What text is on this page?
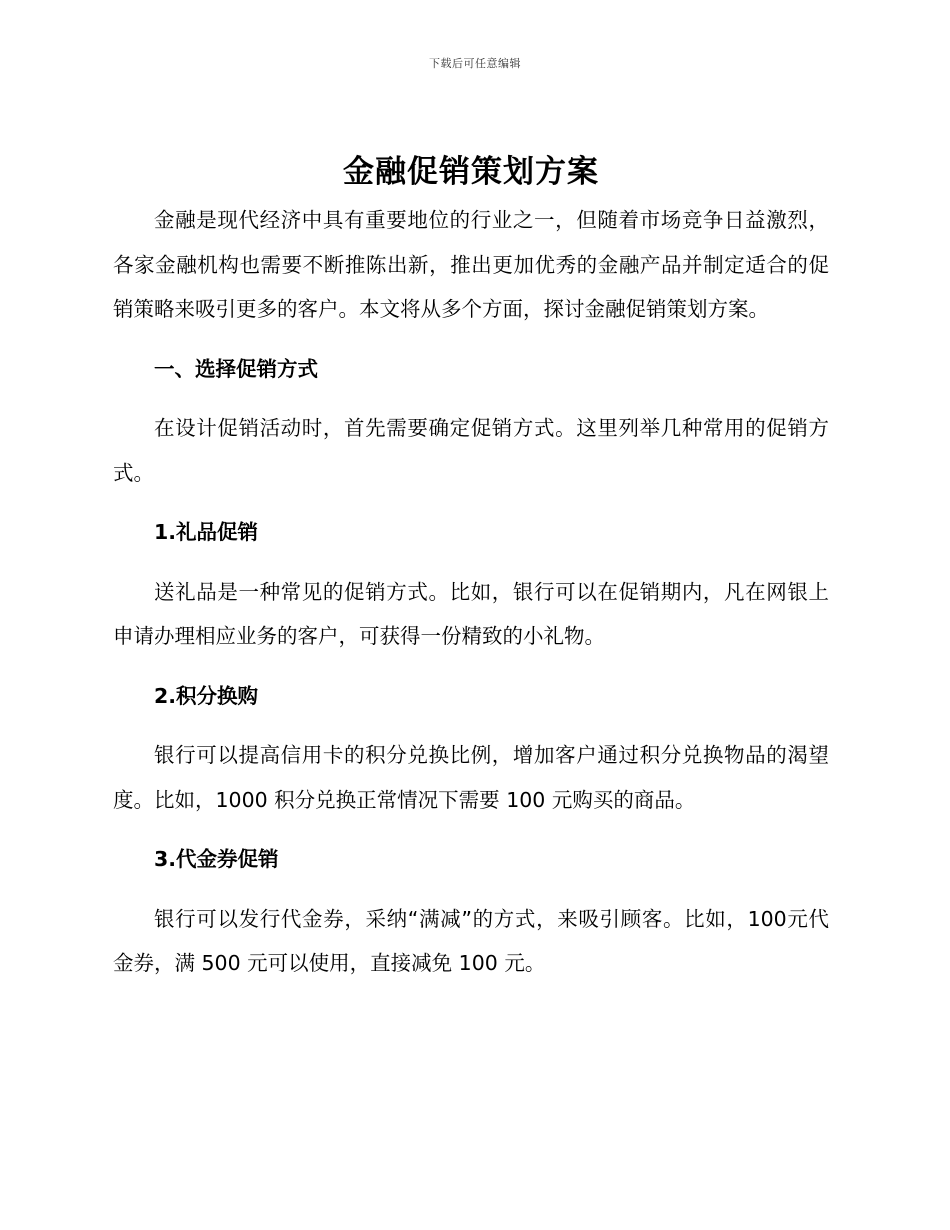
下载后可任意编辑
金融促销策划方案

金融是现代经济中具有重要地位的行业之一，但随着市场竞争日益激烈，各家金融机构也需要不断推陈出新，推出更加优秀的金融产品并制定适合的促销策略来吸引更多的客户。本文将从多个方面，探讨金融促销策划方案。

一、选择促销方式

在设计促销活动时，首先需要确定促销方式。这里列举几种常用的促销方式。

1.礼品促销

送礼品是一种常见的促销方式。比如，银行可以在促销期内，凡在网银上申请办理相应业务的客户，可获得一份精致的小礼物。

2.积分换购

银行可以提高信用卡的积分兑换比例，增加客户通过积分兑换物品的渴望度。比如，1000 积分兑换正常情况下需要 100 元购买的商品。

3.代金券促销

银行可以发行代金券，采纳“满减”的方式，来吸引顾客。比如，100元代金券，满 500 元可以使用，直接减免 100 元。
